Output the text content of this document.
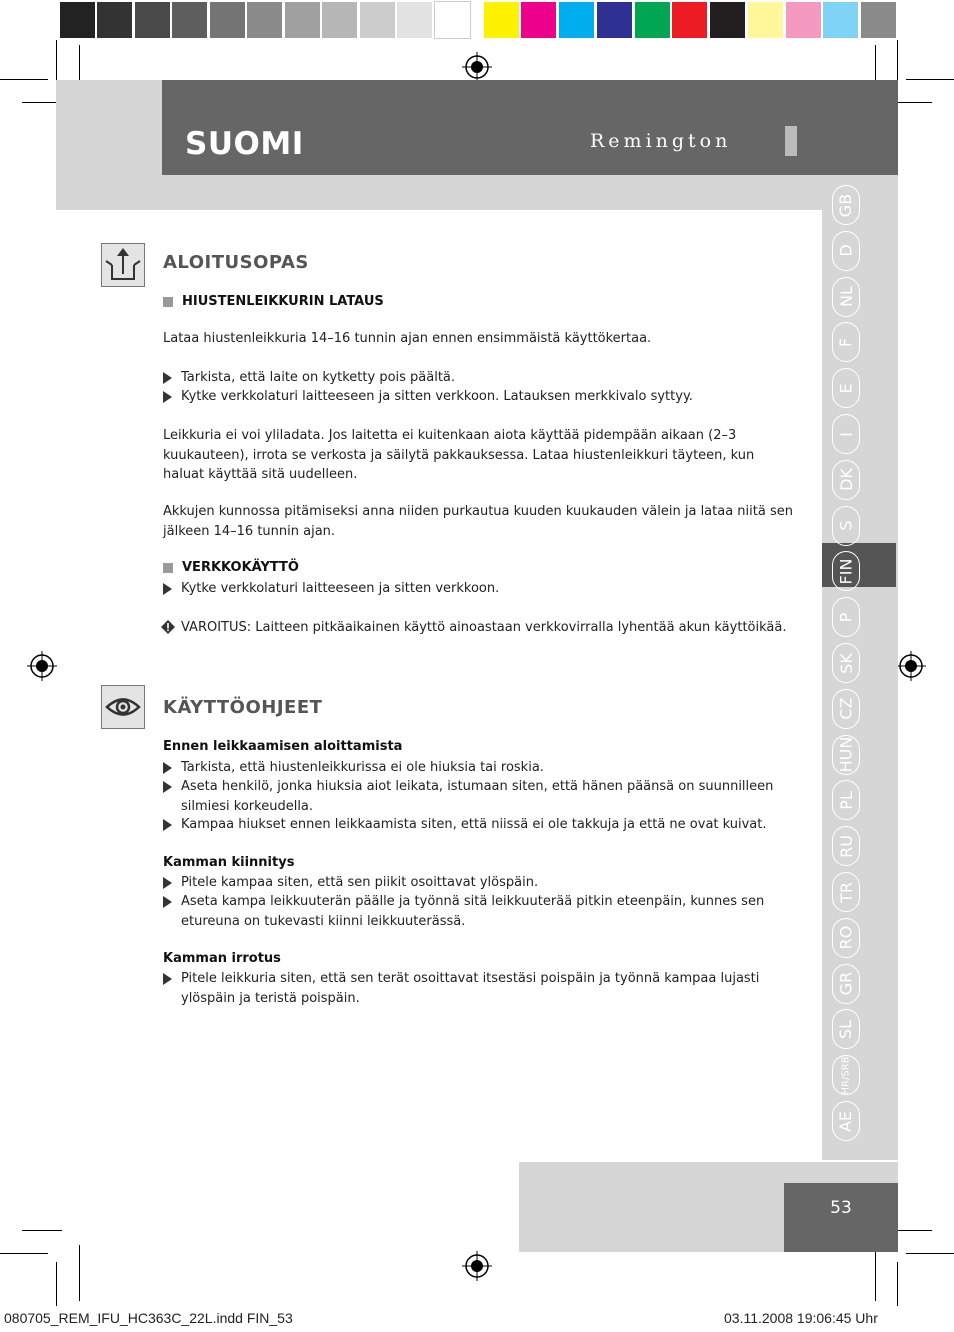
SUOMI	Remington
GB
D
NL
F
E
I
DK
S
FIN
P
SK
CZ
HUN
PL
RU
TR
RO
GR
SL
HR/SRB
AE
ALOITUSOPAS
HIUSTENLEIKKURIN LATAUS
Lataa hiustenleikkuria 14–16 tunnin ajan ennen ensimmäistä käyttökertaa.
Tarkista, että laite on kytketty pois päältä.
Kytke verkkolaturi laitteeseen ja sitten verkkoon. Latauksen merkkivalo syttyy.
Leikkuria ei voi yliladata. Jos laitetta ei kuitenkaan aiota käyttää pidempään aikaan (2–3 kuukauteen), irrota se verkosta ja säilytä pakkauksessa. Lataa hiustenleikkuri täyteen, kun haluat käyttää sitä uudelleen.
Akkujen kunnossa pitämiseksi anna niiden purkautua kuuden kuukauden välein ja lataa niitä sen jälkeen 14–16 tunnin ajan.
VERKKOKÄYTTÖ
Kytke verkkolaturi laitteeseen ja sitten verkkoon.
VAROITUS: Laitteen pitkäaikainen käyttö ainoastaan verkkovirralla lyhentää akun käyttöikää.
KÄYTTÖOHJEET
Ennen leikkaamisen aloittamista
Tarkista, että hiustenleikkurissa ei ole hiuksia tai roskia.
Aseta henkilö, jonka hiuksia aiot leikata, istumaan siten, että hänen päänsä on suunnilleen silmiesi korkeudella.
Kampaa hiukset ennen leikkaamista siten, että niissä ei ole takkuja ja että ne ovat kuivat.
Kamman kiinnitys
Pitele kampaa siten, että sen piikit osoittavat ylöspäin.
Aseta kampa leikkuuterän päälle ja työnnä sitä leikkuuterää pitkin eteenpäin, kunnes sen etureuna on tukevasti kiinni leikkuuterässä.
Kamman irrotus
Pitele leikkuria siten, että sen terät osoittavat itsestäsi poispäin ja työnnä kampaa lujasti ylöspäin ja teristä poispäin.
53
080705_REM_IFU_HC363C_22L.indd FIN_53	03.11.2008 19:06:45 Uhr
